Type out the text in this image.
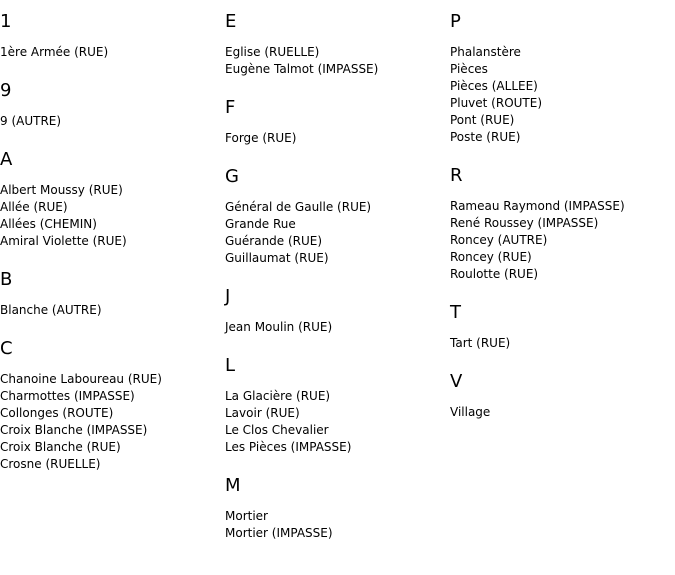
1
1ère Armée (RUE)
9
9 (AUTRE)
A
Albert Moussy (RUE)
Allée (RUE)
Allées (CHEMIN)
Amiral Violette (RUE)
B
Blanche (AUTRE)
C
Chanoine Laboureau (RUE)
Charmottes (IMPASSE)
Collonges (ROUTE)
Croix Blanche (IMPASSE)
Croix Blanche (RUE)
Crosne (RUELLE)
E
Eglise (RUELLE)
Eugène Talmot (IMPASSE)
F
Forge (RUE)
G
Général de Gaulle (RUE)
Grande Rue
Guérande (RUE)
Guillaumat (RUE)
J
Jean Moulin (RUE)
L
La Glacière (RUE)
Lavoir (RUE)
Le Clos Chevalier
Les Pièces (IMPASSE)
M
Mortier
Mortier (IMPASSE)
P
Phalanstère
Pièces
Pièces (ALLEE)
Pluvet (ROUTE)
Pont (RUE)
Poste (RUE)
R
Rameau Raymond (IMPASSE)
René Roussey (IMPASSE)
Roncey (AUTRE)
Roncey (RUE)
Roulotte (RUE)
T
Tart (RUE)
V
Village
